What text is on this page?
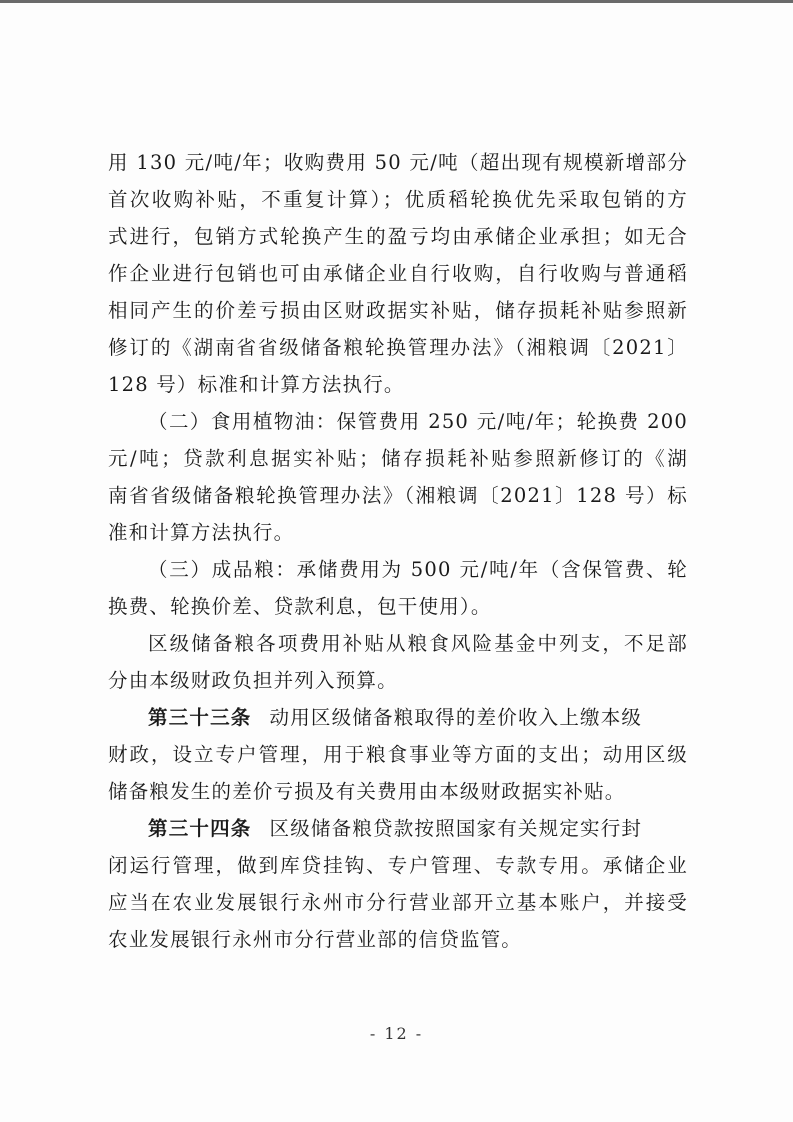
用 130 元/吨/年；收购费用 50 元/吨（超出现有规模新增部分
首次收购补贴，不重复计算）；优质稻轮换优先采取包销的方
式进行，包销方式轮换产生的盈亏均由承储企业承担；如无合
作企业进行包销也可由承储企业自行收购，自行收购与普通稻
相同产生的价差亏损由区财政据实补贴，储存损耗补贴参照新
修订的《湖南省省级储备粮轮换管理办法》（湘粮调〔2021〕
128 号）标准和计算方法执行。
（二）食用植物油：保管费用 250 元/吨/年；轮换费 200
元/吨；贷款利息据实补贴；储存损耗补贴参照新修订的《湖
南省省级储备粮轮换管理办法》（湘粮调〔2021〕128 号）标
准和计算方法执行。
（三）成品粮：承储费用为 500 元/吨/年（含保管费、轮
换费、轮换价差、贷款利息，包干使用）。
区级储备粮各项费用补贴从粮食风险基金中列支，不足部
分由本级财政负担并列入预算。
第三十三条 动用区级储备粮取得的差价收入上缴本级
财政，设立专户管理，用于粮食事业等方面的支出；动用区级
储备粮发生的差价亏损及有关费用由本级财政据实补贴。
第三十四条 区级储备粮贷款按照国家有关规定实行封
闭运行管理，做到库贷挂钩、专户管理、专款专用。承储企业
应当在农业发展银行永州市分行营业部开立基本账户，并接受
农业发展银行永州市分行营业部的信贷监管。
- 12 -
